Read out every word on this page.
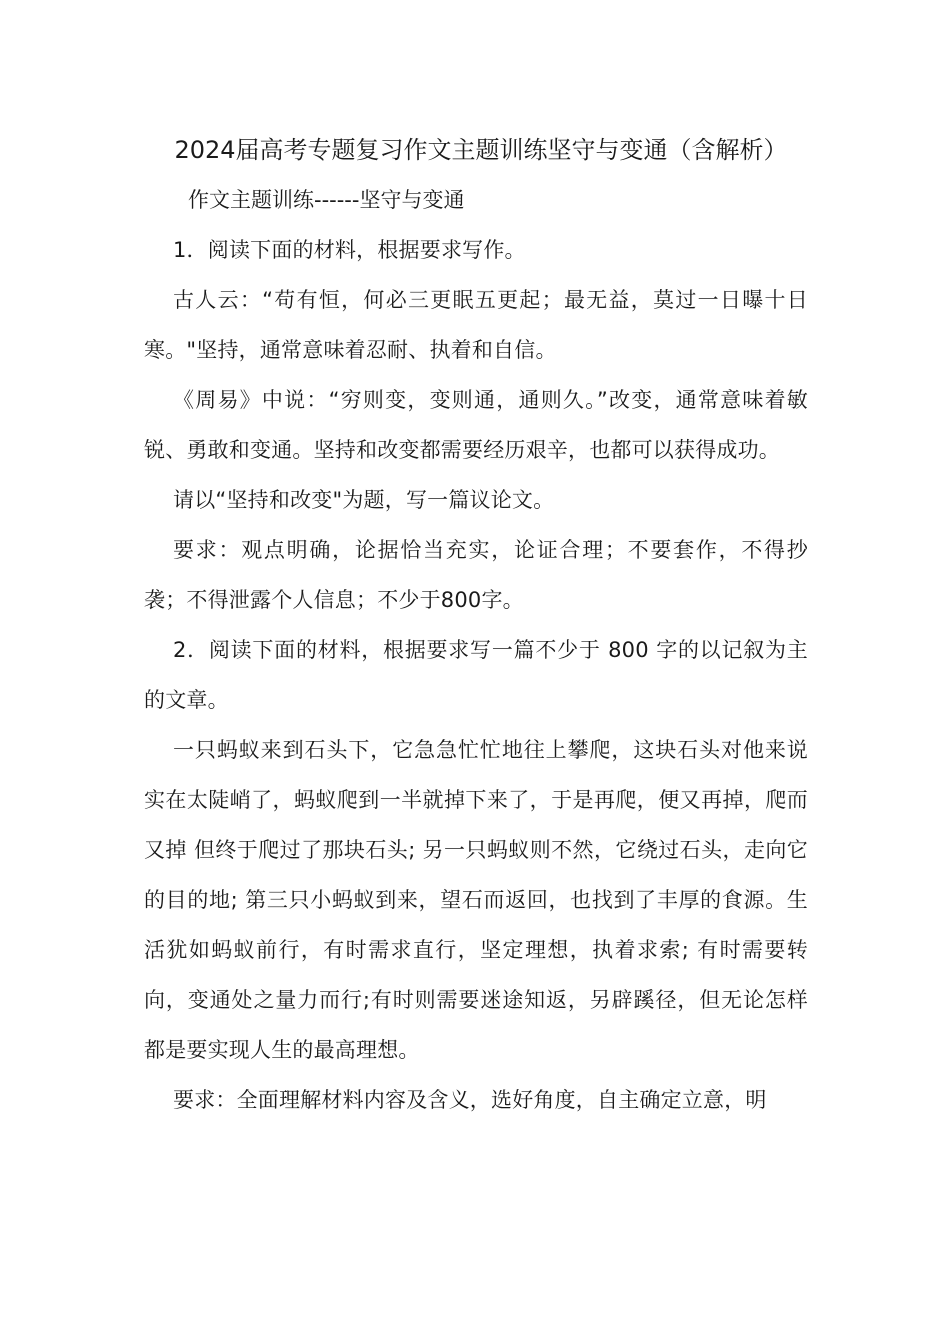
2024届高考专题复习作文主题训练坚守与变通（含解析）

作文主题训练------坚守与变通

1．阅读下面的材料，根据要求写作。

古人云：“苟有恒，何必三更眠五更起；最无益，莫过一日曝十日寒。"坚持，通常意味着忍耐、执着和自信。

《周易》中说：“穷则变，变则通，通则久。”改变，通常意味着敏锐、勇敢和变通。坚持和改变都需要经历艰辛，也都可以获得成功。

请以“坚持和改变"为题，写一篇议论文。

要求：观点明确，论据恰当充实，论证合理；不要套作，不得抄袭；不得泄露个人信息；不少于800字。

2．阅读下面的材料，根据要求写一篇不少于 800 字的以记叙为主的文章。

一只蚂蚁来到石头下，它急急忙忙地往上攀爬，这块石头对他来说实在太陡峭了，蚂蚁爬到一半就掉下来了，于是再爬，便又再掉，爬而又掉 但终于爬过了那块石头; 另一只蚂蚁则不然，它绕过石头，走向它的目的地; 第三只小蚂蚁到来，望石而返回，也找到了丰厚的食源。生活犹如蚂蚁前行，有时需求直行，坚定理想，执着求索; 有时需要转向，变通处之量力而行;有时则需要迷途知返，另辟蹊径，但无论怎样都是要实现人生的最高理想。

要求：全面理解材料内容及含义，选好角度，自主确定立意，明
